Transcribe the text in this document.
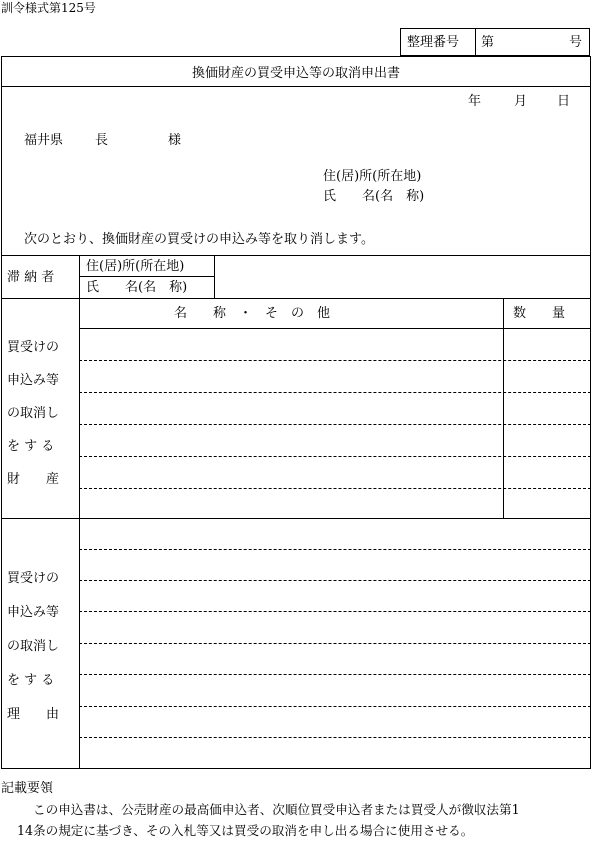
訓令様式第125号
整理番号 第	号
換価財産の買受申込等の取消申出書
年	月 日
福井県 長	様
住(居)所(所在地)
氏　　名(名　称)
次のとおり、換価財産の買受けの申込み等を取り消します。
滞 納 者
住(居)所(所在地)
氏　　名(名　称)
名　　称　・　そ　の　他	数　　量
買受けの
申込み等
の取消し
を す る
財　　産
買受けの
申込み等
の取消し
を す る
理　　由
記載要領
この申込書は、公売財産の最高価申込者、次順位買受申込者または買受人が徴収法第1
14条の規定に基づき、その入札等又は買受の取消を申し出る場合に使用させる。
